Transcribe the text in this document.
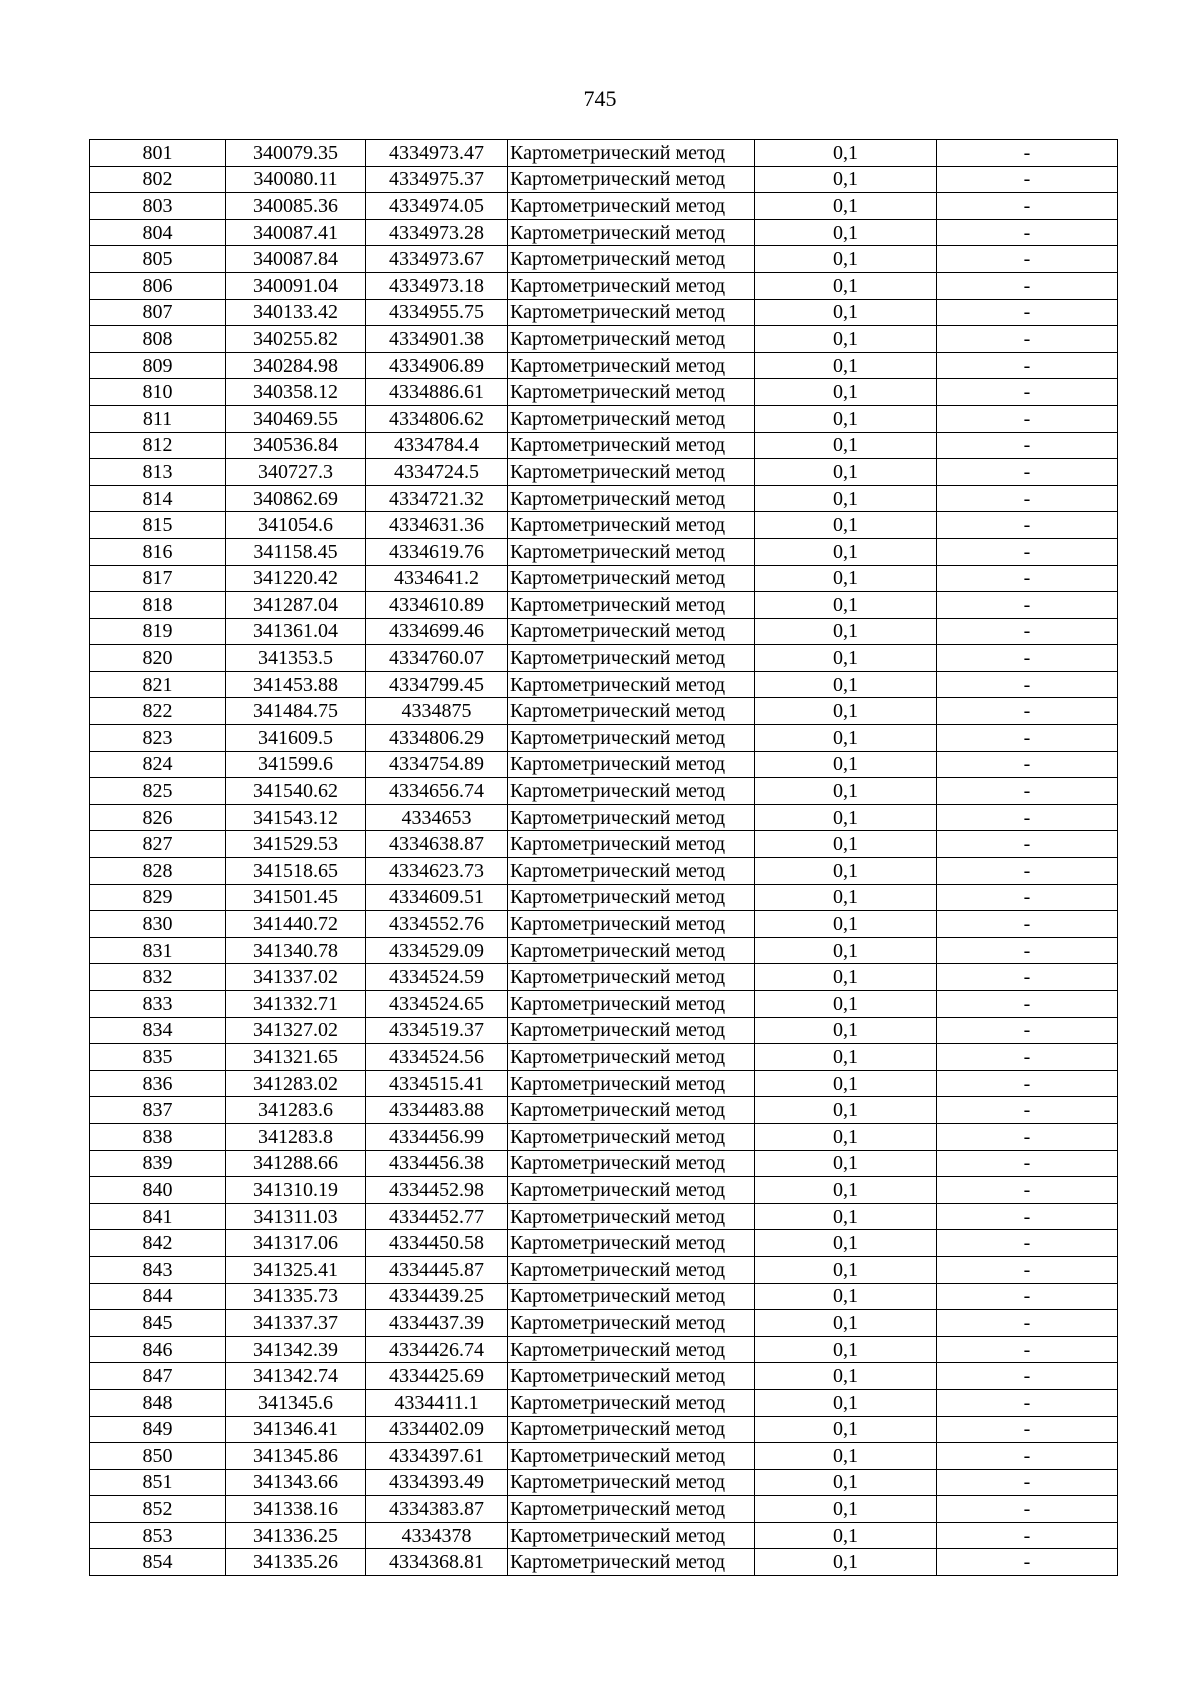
745
801	340079.35	4334973.47	Картометрический метод	0,1	-
802	340080.11	4334975.37	Картометрический метод	0,1	-
803	340085.36	4334974.05	Картометрический метод	0,1	-
804	340087.41	4334973.28	Картометрический метод	0,1	-
805	340087.84	4334973.67	Картометрический метод	0,1	-
806	340091.04	4334973.18	Картометрический метод	0,1	-
807	340133.42	4334955.75	Картометрический метод	0,1	-
808	340255.82	4334901.38	Картометрический метод	0,1	-
809	340284.98	4334906.89	Картометрический метод	0,1	-
810	340358.12	4334886.61	Картометрический метод	0,1	-
811	340469.55	4334806.62	Картометрический метод	0,1	-
812	340536.84	4334784.4	Картометрический метод	0,1	-
813	340727.3	4334724.5	Картометрический метод	0,1	-
814	340862.69	4334721.32	Картометрический метод	0,1	-
815	341054.6	4334631.36	Картометрический метод	0,1	-
816	341158.45	4334619.76	Картометрический метод	0,1	-
817	341220.42	4334641.2	Картометрический метод	0,1	-
818	341287.04	4334610.89	Картометрический метод	0,1	-
819	341361.04	4334699.46	Картометрический метод	0,1	-
820	341353.5	4334760.07	Картометрический метод	0,1	-
821	341453.88	4334799.45	Картометрический метод	0,1	-
822	341484.75	4334875	Картометрический метод	0,1	-
823	341609.5	4334806.29	Картометрический метод	0,1	-
824	341599.6	4334754.89	Картометрический метод	0,1	-
825	341540.62	4334656.74	Картометрический метод	0,1	-
826	341543.12	4334653	Картометрический метод	0,1	-
827	341529.53	4334638.87	Картометрический метод	0,1	-
828	341518.65	4334623.73	Картометрический метод	0,1	-
829	341501.45	4334609.51	Картометрический метод	0,1	-
830	341440.72	4334552.76	Картометрический метод	0,1	-
831	341340.78	4334529.09	Картометрический метод	0,1	-
832	341337.02	4334524.59	Картометрический метод	0,1	-
833	341332.71	4334524.65	Картометрический метод	0,1	-
834	341327.02	4334519.37	Картометрический метод	0,1	-
835	341321.65	4334524.56	Картометрический метод	0,1	-
836	341283.02	4334515.41	Картометрический метод	0,1	-
837	341283.6	4334483.88	Картометрический метод	0,1	-
838	341283.8	4334456.99	Картометрический метод	0,1	-
839	341288.66	4334456.38	Картометрический метод	0,1	-
840	341310.19	4334452.98	Картометрический метод	0,1	-
841	341311.03	4334452.77	Картометрический метод	0,1	-
842	341317.06	4334450.58	Картометрический метод	0,1	-
843	341325.41	4334445.87	Картометрический метод	0,1	-
844	341335.73	4334439.25	Картометрический метод	0,1	-
845	341337.37	4334437.39	Картометрический метод	0,1	-
846	341342.39	4334426.74	Картометрический метод	0,1	-
847	341342.74	4334425.69	Картометрический метод	0,1	-
848	341345.6	4334411.1	Картометрический метод	0,1	-
849	341346.41	4334402.09	Картометрический метод	0,1	-
850	341345.86	4334397.61	Картометрический метод	0,1	-
851	341343.66	4334393.49	Картометрический метод	0,1	-
852	341338.16	4334383.87	Картометрический метод	0,1	-
853	341336.25	4334378	Картометрический метод	0,1	-
854	341335.26	4334368.81	Картометрический метод	0,1	-
